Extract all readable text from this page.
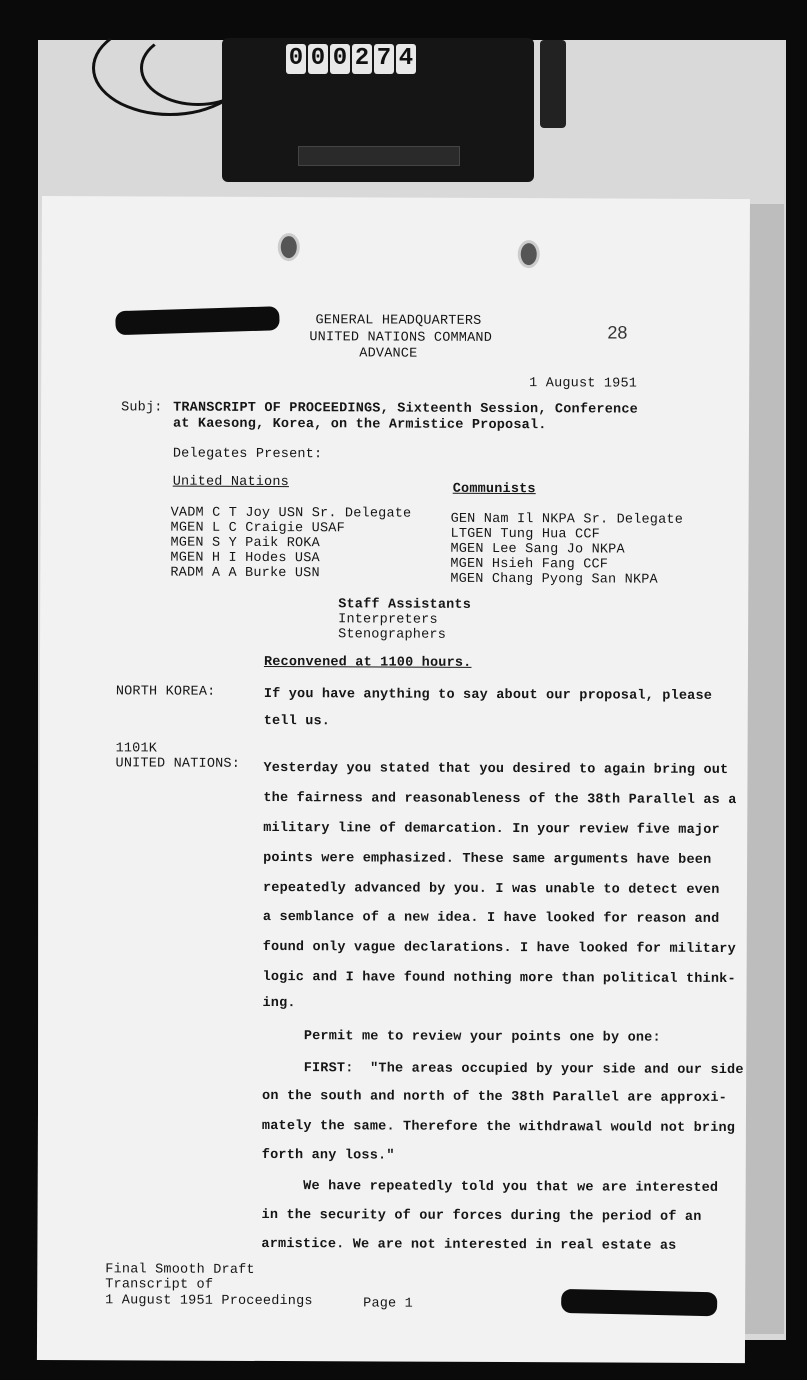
0 0 0 2 7 4
GENERAL HEADQUARTERS
UNITED NATIONS COMMAND
ADVANCE
28
1 August 1951
Subj: TRANSCRIPT OF PROCEEDINGS, Sixteenth Session, Conference
at Kaesong, Korea, on the Armistice Proposal.
Delegates Present:
United Nations
VADM C T Joy USN Sr. Delegate
MGEN L C Craigie USAF
MGEN S Y Paik ROKA
MGEN H I Hodes USA
RADM A A Burke USN
Communists
GEN Nam Il NKPA Sr. Delegate
LTGEN Tung Hua CCF
MGEN Lee Sang Jo NKPA
MGEN Hsieh Fang CCF
MGEN Chang Pyong San NKPA
Staff Assistants
Interpreters
Stenographers
Reconvened at 1100 hours.
NORTH KOREA:	If you have anything to say about our proposal, please
tell us.
1101K
UNITED NATIONS: Yesterday you stated that you desired to again bring out
the fairness and reasonableness of the 38th Parallel as a
military line of demarcation. In your review five major
points were emphasized. These same arguments have been
repeatedly advanced by you. I was unable to detect even
a semblance of a new idea. I have looked for reason and
found only vague declarations. I have looked for military
logic and I have found nothing more than political think-
ing.
Permit me to review your points one by one:
FIRST:  "The areas occupied by your side and our side
on the south and north of the 38th Parallel are approxi-
mately the same. Therefore the withdrawal would not bring
forth any loss."
We have repeatedly told you that we are interested
in the security of our forces during the period of an
armistice. We are not interested in real estate as
Final Smooth Draft
Transcript of
1 August 1951 Proceedings	Page 1
